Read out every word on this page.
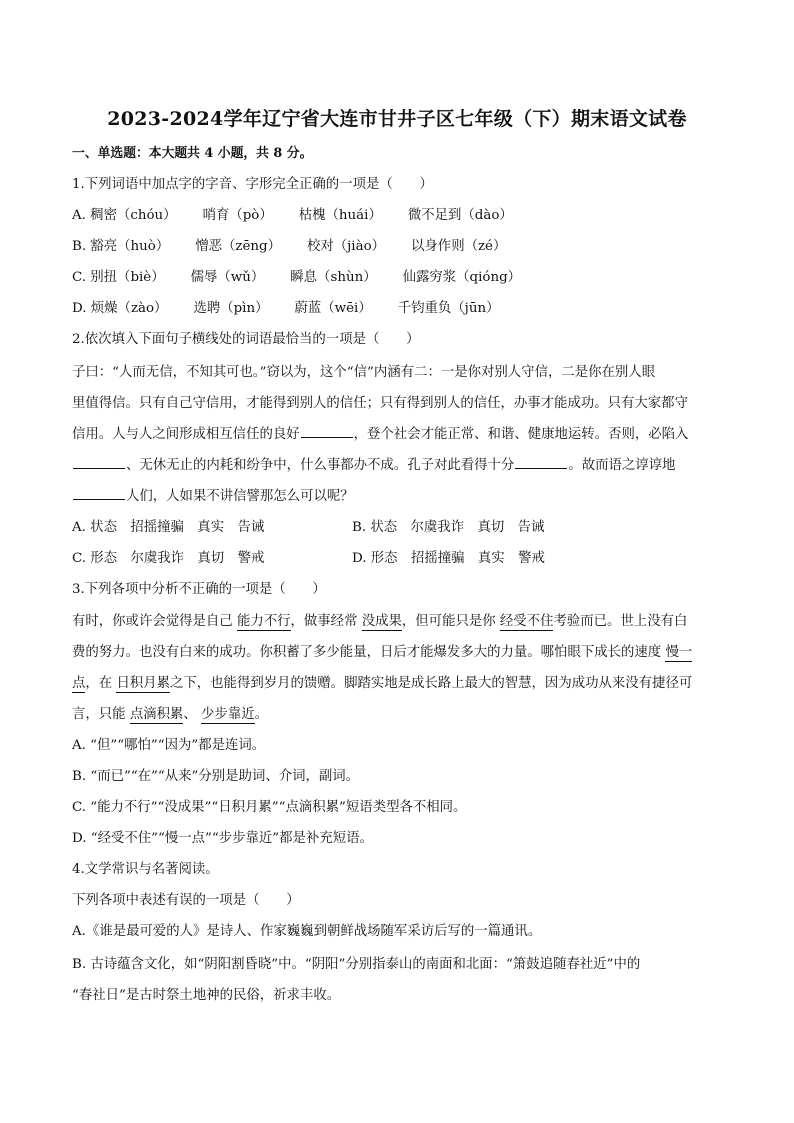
2023-2024学年辽宁省大连市甘井子区七年级（下）期末语文试卷
一、单选题：本大题共 4 小题，共 8 分。
1.下列词语中加点字的字音、字形完全正确的一项是（　　）
A. 稠密（chóu） 哨育（pò） 枯槐（huái） 微不足到（dào）
B. 豁亮（huò） 憎恶（zēng） 校对（jiào） 以身作则（zé）
C. 别扭（biè） 儒辱（wǔ） 瞬息（shùn） 仙露穷浆（qióng）
D. 烦燥（zào） 选聘（pìn） 蔚蓝（wēi） 千钧重负（jūn）
2.依次填入下面句子横线处的词语最恰当的一项是（　　）
子曰：“人而无信，不知其可也。”窃以为，这个“信”内涵有二：一是你对别人守信，二是你在别人眼
里值得信。只有自己守信用，才能得到别人的信任；只有得到别人的信任，办事才能成功。只有大家都守
信用。人与人之间形成相互信任的良好	，登个社会才能正常、和谐、健康地运转。否则，必陷入
、无休无止的内耗和纷争中，什么事都办不成。孔子对此看得十分	。故而语之谆谆地
人们，人如果不讲信譬那怎么可以呢？
A. 状态　招摇撞骗　真实　告诫	B. 状态　尔虞我诈　真切　告诫
C. 形态　尔虞我诈　真切　警戒	D. 形态　招摇撞骗　真实　警戒
3.下列各项中分析不正确的一项是（　　）
有时，你或许会觉得是自己 能力不行，做事经常 没成果，但可能只是你 经受不住考验而已。世上没有白
费的努力。也没有白来的成功。你积蓄了多少能量，日后才能爆发多大的力量。哪怕眼下成长的速度 慢一
点，在 日积月累之下，也能得到岁月的馈赠。脚踏实地是成长路上最大的智慧，因为成功从来没有捷径可
言，只能 点滴积累、 少步靠近。
A. “但”“哪怕”“因为”都是连词。
B. “而已”“在”“从来”分别是助词、介词，副词。
C. “能力不行”“没成果”“日积月累”“点滴积累”短语类型各不相同。
D. “经受不住”“慢一点”“步步靠近”都是补充短语。
4.文学常识与名著阅读。
下列各项中表述有误的一项是（　　）
A.《谁是最可爱的人》是诗人、作家巍巍到朝鲜战场随军采访后写的一篇通讯。
B. 古诗蕴含文化，如“阴阳割昏晓”中。“阴阳”分别指泰山的南面和北面：“箫鼓追随春社近”中的
“春社日”是古时祭土地神的民俗，祈求丰收。
